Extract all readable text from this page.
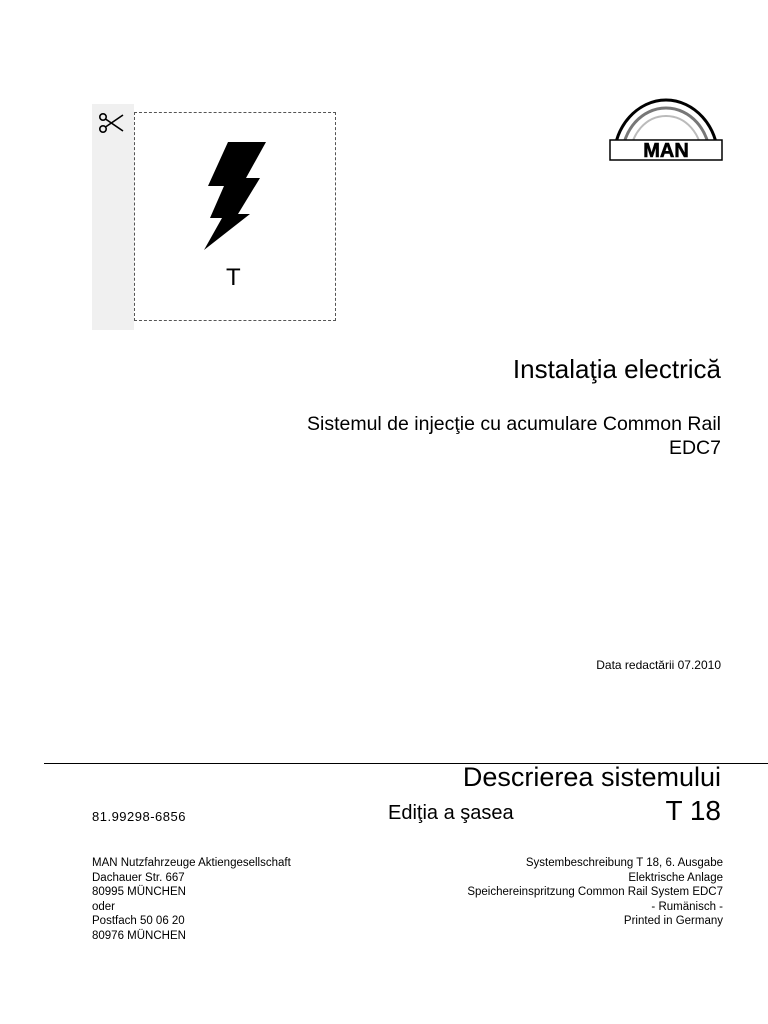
T
MAN
Instalaţia electrică
Sistemul de injecţie cu acumulare Common Rail
EDC7
Data redactării 07.2010
Descrierea sistemului
81.99298-6856	Ediţia a şasea	T 18
MAN Nutzfahrzeuge Aktiengesellschaft
Dachauer Str. 667
80995 MÜNCHEN
oder
Postfach 50 06 20
80976 MÜNCHEN
Systembeschreibung T 18, 6. Ausgabe
Elektrische Anlage
Speichereinspritzung Common Rail System EDC7
- Rumänisch -
Printed in Germany
